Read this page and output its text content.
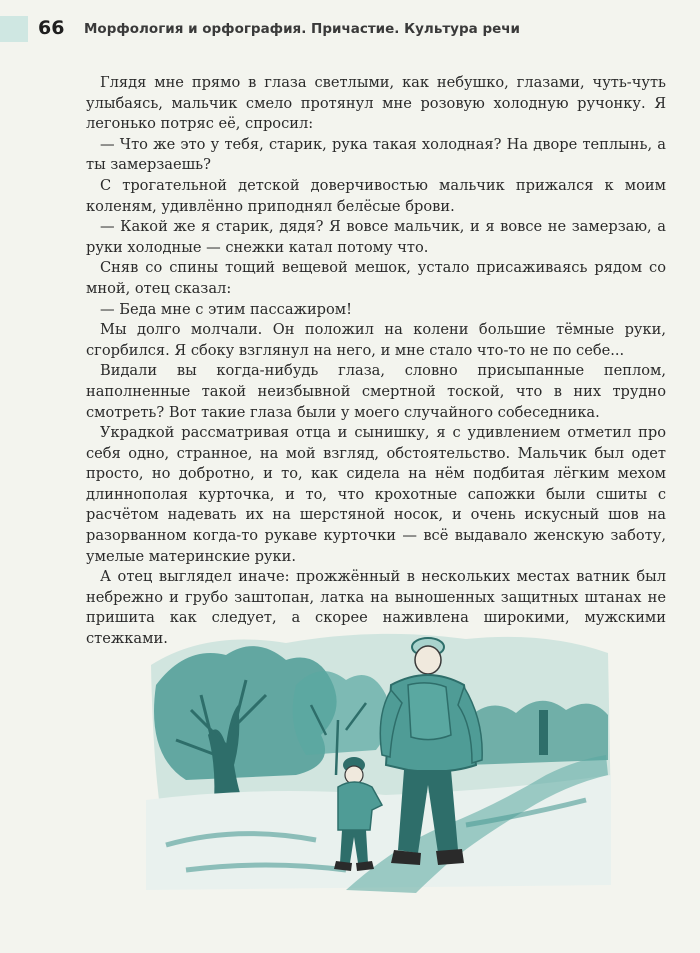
66 Морфология и орфография. Причастие. Культура речи

Глядя мне прямо в глаза светлыми, как небушко, глазами, чуть-чуть улыбаясь, мальчик смело протянул мне розовую холодную ручонку. Я легонько потряс её, спросил:

— Что же это у тебя, старик, рука такая холодная? На дворе теплынь, а ты замерзаешь?

С трогательной детской доверчивостью мальчик прижался к моим коленям, удивлённо приподнял белёсые брови.

— Какой же я старик, дядя? Я вовсе мальчик, и я вовсе не замерзаю, а руки холодные — снежки катал потому что.

Сняв со спины тощий вещевой мешок, устало присаживаясь рядом со мной, отец сказал:

— Беда мне с этим пассажиром!

Мы долго молчали. Он положил на колени большие тёмные руки, сгорбился. Я сбоку взглянул на него, и мне стало что-то не по себе...

Видали вы когда-нибудь глаза, словно присыпанные пеплом, наполненные такой неизбывной смертной тоской, что в них трудно смотреть? Вот такие глаза были у моего случайного собеседника.

Украдкой рассматривая отца и сынишку, я с удивлением отметил про себя одно, странное, на мой взгляд, обстоятельство. Мальчик был одет просто, но добротно, и то, как сидела на нём подбитая лёгким мехом длиннополая курточка, и то, что крохотные сапожки были сшиты с расчётом надевать их на шерстяной носок, и очень искусный шов на разорванном когда-то рукаве курточки — всё выдавало женскую заботу, умелые материнские руки.

А отец выглядел иначе: прожжённый в нескольких местах ватник был небрежно и грубо заштопан, латка на выношенных защитных штанах не пришита как следует, а скорее наживлена широкими, мужскими стежками.
